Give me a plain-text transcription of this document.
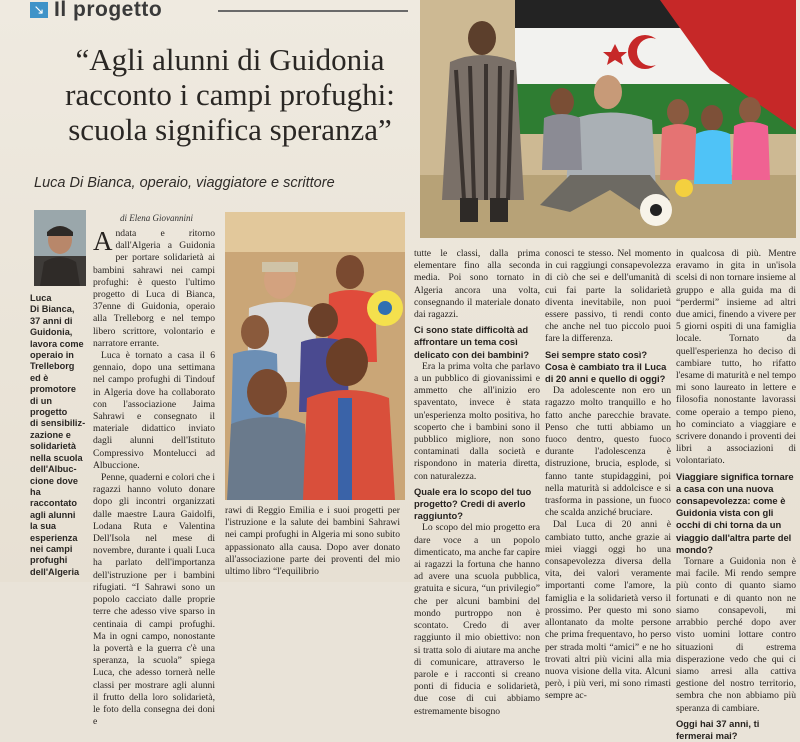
↘ Il progetto
“Agli alunni di Guidonia
racconto i campi profughi:
scuola significa speranza”
Luca Di Bianca, operaio, viaggiatore e scrittore
di Elena Giovannini
Luca
Di Bianca,
37 anni di
Guidonia,
lavora come
operaio in
Trelleborg
ed è promotore
di un
progetto
di sensibiliz-
zazione e
solidarietà
nella scuola
dell'Albuc-
cione dove
ha raccontato
agli alunni
la sua
esperienza
nei campi
profughi
dell'Algeria

Andata e ritorno dall'Algeria a Guidonia per portare solidarietà ai bambini sahrawi nei campi profughi: è questo l'ultimo progetto di Luca di Bianca, 37enne di Guidonia, operaio alla Trelleborg e nel tempo libero scrittore, volontario e narratore errante.

Luca è tornato a casa il 6 gennaio, dopo una settimana nel campo profughi di Tindouf in Algeria dove ha collaborato con l'associazione Jaima Sahrawi e consegnato il materiale didattico inviato dagli alunni dell'Istituto Compressivo Montelucci ad Albuccione.

Penne, quaderni e colori che i ragazzi hanno voluto donare dopo gli incontri organizzati dalle maestre Laura Gaidolfi, Lodana Ruta e Valentina Dell'Isola nel mese di novembre, durante i quali Luca ha parlato dell'importanza dell'istruzione per i bambini rifugiati. “I Sahrawi sono un popolo cacciato dalle proprie terre che adesso vive sparso in centinaia di campi profughi. Ma in ogni campo, nonostante la povertà e la guerra c'è una speranza, la scuola” spiega Luca, che adesso tornerà nelle classi per mostrare agli alunni il frutto della loro solidarietà, le foto della consegna dei doni e

rawi di Reggio Emilia e i suoi progetti per l'istruzione e la salute dei bambini Sahrawi nei campi profughi in Algeria mi sono subito appassionato alla causa. Dopo aver donato all'associazione parte dei proventi del mio ultimo libro “l'equilibrio

tutte le classi, dalla prima elementare fino alla seconda media. Poi sono tornato in Algeria ancora una volta, consegnando il materiale donato dai ragazzi.

Ci sono state difficoltà ad affrontare un tema così delicato con dei bambini?

Era la prima volta che parlavo a un pubblico di giovanissimi e ammetto che all'inizio ero spaventato, invece è stata un'esperienza molto positiva, ho scoperto che i bambini sono il pubblico migliore, non sono contaminati dalla società e rispondono in materia diretta, con naturalezza.

Quale era lo scopo del tuo progetto? Credi di averlo raggiunto?

Lo scopo del mio progetto era dare voce a un popolo dimenticato, ma anche far capire ai ragazzi la fortuna che hanno ad avere una scuola pubblica, gratuita e sicura, “un privilegio” che per alcuni bambini del mondo purtroppo non è scontato. Credo di aver raggiunto il mio obiettivo: non si tratta solo di aiutare ma anche di comunicare, attraverso le parole e i racconti si creano ponti di fiducia e solidarietà, due cose di cui abbiamo estremamente bisogno

conosci te stesso. Nel momento in cui raggiungi consapevolezza di ciò che sei e dell'umanità di cui fai parte la solidarietà diventa inevitabile, non puoi essere passivo, ti rendi conto che anche nel tuo piccolo puoi fare la differenza.

Sei sempre stato così? Cosa è cambiato tra il Luca di 20 anni e quello di oggi?

Da adolescente non ero un ragazzo molto tranquillo e ho fatto anche parecchie bravate. Penso che tutti abbiamo un fuoco dentro, questo fuoco durante l'adolescenza è distruzione, brucia, esplode, si fanno tante stupidaggini, poi nella maturità si addolcisce e si trasforma in passione, un fuoco che scalda anziché bruciare.

Dal Luca di 20 anni è cambiato tutto, anche grazie ai miei viaggi oggi ho una consapevolezza diversa della vita, dei valori veramente importanti come l'amore, la famiglia e la solidarietà verso il prossimo. Per questo mi sono allontanato da molte persone che prima frequentavo, ho perso per strada molti “amici” e ne ho trovati altri più vicini alla mia nuova visione della vita. Alcuni però, i più veri, mi sono rimasti sempre ac-

in qualcosa di più. Mentre eravamo in gita in un'isola scelsi di non tornare insieme al gruppo e alla guida ma di “perdermi” insieme ad altri due amici, finendo a vivere per 5 giorni ospiti di una famiglia locale. Tornato da quell'esperienza ho deciso di cambiare tutto, ho rifatto l'esame di maturità e nel tempo mi sono laureato in lettere e filosofia nonostante lavorassi come operaio a tempo pieno, ho cominciato a viaggiare e scrivere donando i proventi dei libri a associazioni di volontariato.

Viaggiare significa tornare a casa con una nuova consapevolezza: come è Guidonia vista con gli occhi di chi torna da un viaggio dall'altra parte del mondo?

Tornare a Guidonia non è mai facile. Mi rendo sempre più conto di quanto siamo fortunati e di quanto non ne siamo consapevoli, mi arrabbio perché dopo aver visto uomini lottare contro situazioni di estrema disperazione vedo che qui ci siamo arresi alla cattiva gestione del nostro territorio, sembra che non abbiamo più speranza di cambiare.

Oggi hai 37 anni, ti fermerai mai?
